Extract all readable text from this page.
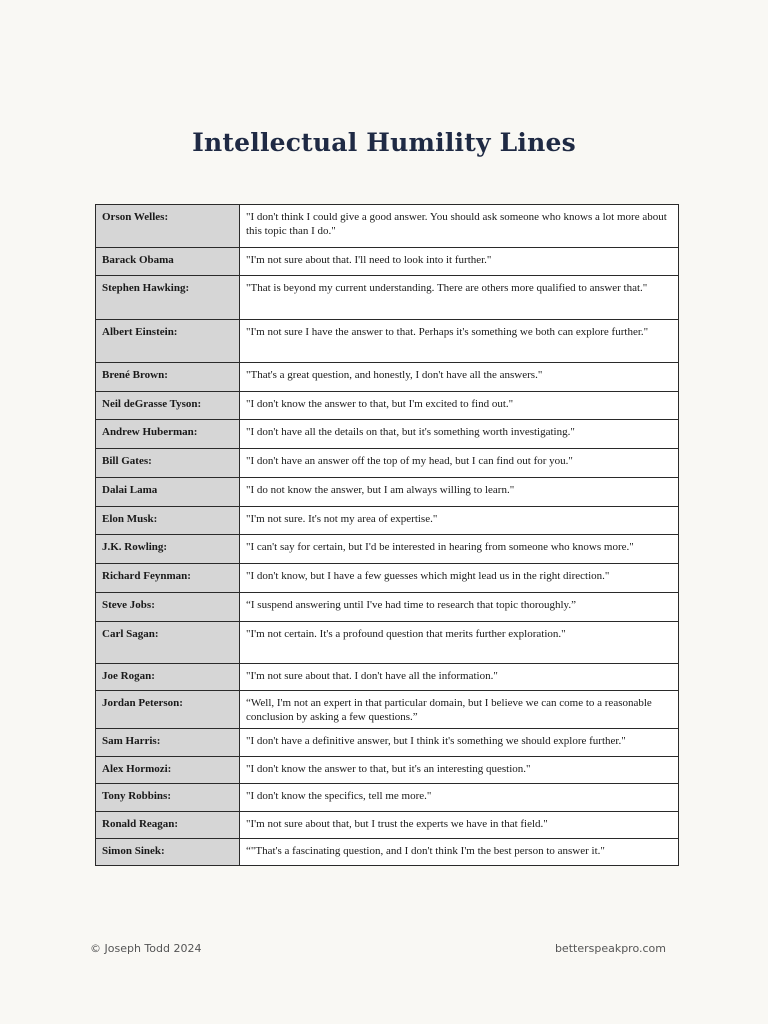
Intellectual Humility Lines
Orson Welles:	"I don't think I could give a good answer. You should ask someone who knows a lot more about this topic than I do."
Barack Obama	"I'm not sure about that. I'll need to look into it further."
Stephen Hawking:	"That is beyond my current understanding. There are others more qualified to answer that."
Albert Einstein:	"I'm not sure I have the answer to that. Perhaps it's something we both can explore further."
Brené Brown:	"That's a great question, and honestly, I don't have all the answers."
Neil deGrasse Tyson:	"I don't know the answer to that, but I'm excited to find out."
Andrew Huberman:	"I don't have all the details on that, but it's something worth investigating."
Bill Gates:	"I don't have an answer off the top of my head, but I can find out for you."
Dalai Lama	"I do not know the answer, but I am always willing to learn."
Elon Musk:	"I'm not sure. It's not my area of expertise."
J.K. Rowling:	"I can't say for certain, but I'd be interested in hearing from someone who knows more."
Richard Feynman:	"I don't know, but I have a few guesses which might lead us in the right direction."
Steve Jobs:	“I suspend answering until I've had time to research that topic thoroughly.”
Carl Sagan:	"I'm not certain. It's a profound question that merits further exploration."
Joe Rogan:	"I'm not sure about that. I don't have all the information."
Jordan Peterson:	“Well, I'm not an expert in that particular domain, but I believe we can come to a reasonable conclusion by asking a few questions.”
Sam Harris:	"I don't have a definitive answer, but I think it's something we should explore further."
Alex Hormozi:	"I don't know the answer to that, but it's an interesting question."
Tony Robbins:	"I don't know the specifics, tell me more."
Ronald Reagan:	"I'm not sure about that, but I trust the experts we have in that field."
Simon Sinek:	“"That's a fascinating question, and I don't think I'm the best person to answer it."
© Joseph Todd 2024	betterspeakpro.com
